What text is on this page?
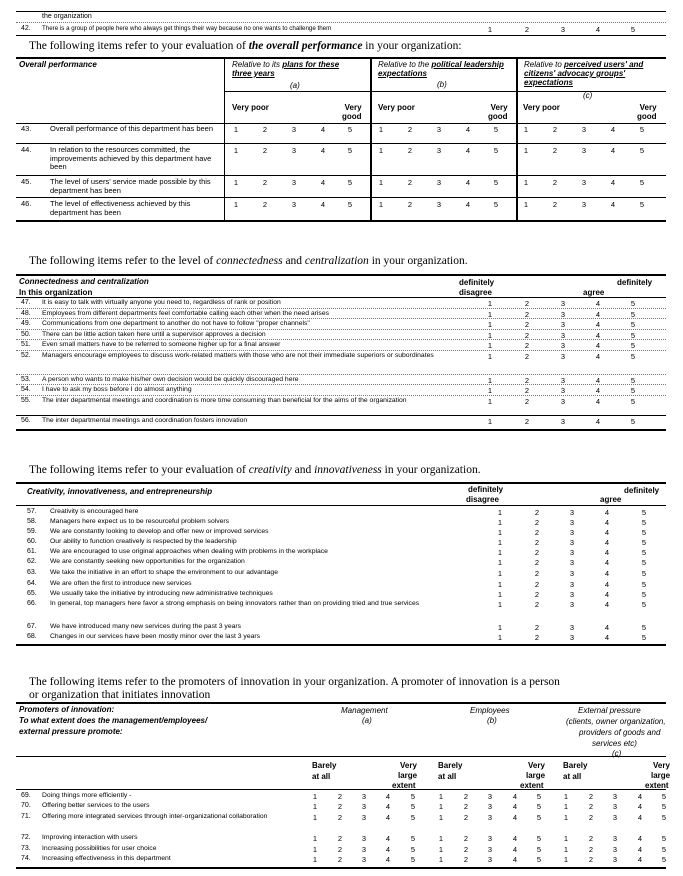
the organization
42. There is a group of people here who always get things their way because no one wants to challenge them	1	2	3	4	5
The following items refer to your evaluation of the overall performance in your organization:
Overall performance	Relative to its plans for these three years
(a)
Relative to the political leadership expectations
(b)
Relative to perceived users' and citizens' advocacy groups' expectations
(c)
Very poor	Very
good
Very poor	Very
good
Very poor	Very
good
43. Overall performance of this department has been	1	2	3	4	5	1	2	3	4	5	1	2	3	4	5
44. In relation to the resources committed, the improvements achieved by this department have been
1	2	3	4	5	1	2	3	4	5	1	2	3	4	5
45. The level of users' service made possible by this department has been
1	2	3	4	5	1	2	3	4	5	1	2	3	4	5
46. The level of effectiveness achieved by this department has been
1	2	3	4	5	1	2	3	4	5	1	2	3	4	5
The following items refer to the level of connectedness and centralization in your organization.
Connectedness and centralization
In this organization
definitely
disagree
definitely
agree
47. It is easy to talk with virtually anyone you need to, regardless of rank or position	1	2	3	4	5
48. Employees from different departments feel comfortable calling each other when the need arises	1	2	3	4	5
49. Communications from one department to another do not have to follow "proper channels"	1	2	3	4	5
50. There can be little action taken here until a supervisor approves a decision	1	2	3	4	5
51. Even small matters have to be referred to someone higher up for a final answer	1	2	3	4	5
52. Managers encourage employees to discuss work-related matters with those who are not their immediate superiors or subordinates	1	2	3	4	5
53. A person who wants to make his/her own decision would be quickly discouraged here	1	2	3	4	5
54. I have to ask my boss before I do almost anything	1	2	3	4	5
55. The inter departmental meetings and coordination is more time consuming than beneficial for the aims of the organization	1	2	3	4	5
56. The inter departmental meetings and coordination fosters innovation	1	2	3	4	5
The following items refer to your evaluation of creativity and innovativeness in your organization.
Creativity, innovativeness, and entrepreneurship	definitely
disagree
definitely
agree
57. Creativity is encouraged here	1	2	3	4	5
58. Managers here expect us to be resourceful problem solvers	1	2	3	4	5
59. We are constantly looking to develop and offer new or improved services	1	2	3	4	5
60. Our ability to function creatively is respected by the leadership	1	2	3	4	5
61. We are encouraged to use original approaches when dealing with problems in the workplace	1	2	3	4	5
62. We are constantly seeking new opportunities for the organization	1	2	3	4	5
63. We take the initiative in an effort to shape the environment to our advantage	1	2	3	4	5
64. We are often the first to introduce new services	1	2	3	4	5
65. We usually take the initiative by introducing new administrative techniques	1	2	3	4	5
66. In general, top managers here favor a strong emphasis on being innovators rather than on providing tried and true services	1	2	3	4	5
67. We have introduced many new services during the past 3 years	1	2	3	4	5
68. Changes in our services have been mostly minor over the last 3 years	1	2	3	4	5
The following items refer to the promoters of innovation in your organization. A promoter of innovation is a person
or organization that initiates innovation
Promoters of innovation:
To what extent does the management/employees/
external pressure promote:
Management
(a)
Employees
(b)
External pressure
(clients, owner organization,
providers of goods and
services etc)
(c)
Barely
at all
Very
large
extent
Barely
at all
Very
large
extent
Barely
at all
Very
large
extent
69. Doing things more efficiently -	1	2	3	4	5	1	2	3	4	5	1	2	3	4	5
70. Offering better services to the users	1	2	3	4	5	1	2	3	4	5	1	2	3	4	5
71. Offering more integrated services through inter-organizational collaboration	1	2	3	4	5	1	2	3	4	5	1	2	3	4	5
72. Improving interaction with users	1	2	3	4	5	1	2	3	4	5	1	2	3	4	5
73. Increasing possibilities for user choice	1	2	3	4	5	1	2	3	4	5	1	2	3	4	5
74. Increasing effectiveness in this department	1	2	3	4	5	1	2	3	4	5	1	2	3	4	5
